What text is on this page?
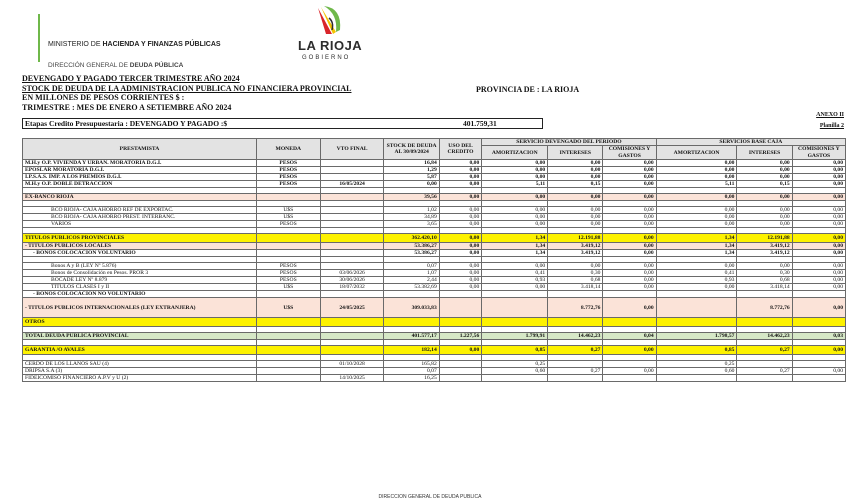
MINISTERIO DE HACIENDA Y FINANZAS PÚBLICAS
DIRECCIÓN GENERAL DE DEUDA PÚBLICA
LA RIOJA
GOBIERNO
DEVENGADO Y PAGADO TERCER TRIMESTRE AÑO 2024
STOCK DE DEUDA DE LA ADMINISTRACION PUBLICA NO FINANCIERA PROVINCIAL
EN MILLONES DE PESOS CORRIENTES $ :
TRIMESTRE : MES DE ENERO A SETIEMBRE AÑO 2024
PROVINCIA DE : LA RIOJA
ANEXO II
Planilla 2
Etapas Credito Presupuestaria : DEVENGADO Y PAGADO :$	401.759,31
PRESTAMISTA	MONEDA	VTO FINAL	STOCK DE DEUDA AL 30/09/2024	USO DEL CREDITO	SERVICIO DEVENGADO DEL PERIODO			SERVICIOS BASE CAJA		
					AMORTIZACION	INTERESES	COMISIONES Y GASTOS	AMORTIZACION	INTERESES	COMISIONES Y GASTOS
M.H.y O.P. VIVIENDA Y URBAN. MORATORIA D.G.I.	PESOS		16,84	0,00	0,00	0,00	0,00	0,00	0,00	0,00
EPOSLAR MORATORIA D.G.I.	PESOS		1,29	0,00	0,00	0,00	0,00	0,00	0,00	0,00
I.P.S.A.S. IMP. A LOS PREMIOS D.G.I.	PESOS		5,87	0,00	0,00	0,00	0,00	0,00	0,00	0,00
M.H.y O.P. DOBLE DETRACCIÓN	PESOS	16/05/2024	0,00	0,00	5,11	0,15	0,00	5,11	0,15	0,00

EX-BANCO RIOJA			39,56	0,00	0,00	0,00	0,00	0,00	0,00	0,00

BCO RIOJA- CAJA AHORRO REF DE EXPORTAC.	U$S		1,02	0,00	0,00	0,00	0,00	0,00	0,00	0,00
BCO RIOJA- CAJA AHORRO PREST. INTERBANC.	U$S		34,89	0,00	0,00	0,00	0,00	0,00	0,00	0,00
VARIOS	PESOS		3,65	0,00	0,00	0,00	0,00	0,00	0,00	0,00

TITULOS PUBLICOS PROVINCIALES			362.420,10	0,00	1,34	12.191,88	0,00	1,34	12.191,88	0,00
- TITULOS PUBLICOS LOCALES			53.386,27	0,00	1,34	3.419,12	0,00	1,34	3.419,12	0,00
- BONOS COLOCACION VOLUNTARIO			53.386,27	0,00	1,34	3.419,12	0,00	1,34	3.419,12	0,00

Bonos A y B (LEY Nº 5.876)	PESOS		0,07	0,00	0,00	0,00	0,00	0,00	0,00	0,00
Bonos de Consolidación en Pesos. PROR 3	PESOS	03/06/2026	1,07	0,00	0,41	0,30	0,00	0,41	0,30	0,00
BOCADE LEY Nº 8.879	PESOS	30/06/2026	2,44	0,00	0,93	0,68	0,00	0,93	0,68	0,00
TITULOS CLASES I y II	U$S	18/07/2032	53.382,69	0,00	0,00	3.418,14	0,00	0,00	3.418,14	0,00
- BONOS COLOCACION NO VOLUNTARIO										
- TITULOS PUBLICOS INTERNACIONALES (LEY EXTRANJERA)	U$S	24/05/2025	309.033,83			8.772,76	0,00		8.772,76	0,00
OTROS										

TOTAL DEUDA PUBLICA PROVINCIAL			401.577,17	1.227,56	1.799,91	14.462,23	0,04	1.798,57	14.462,23	0,03

GARANTIA /O AVALES			182,14	0,00	0,85	0,27	0,00	0,85	0,27	0,00

CERDO DE LOS LLANOS SAU (4)		01/10/2028	165,82		0,25			0,25		
DRIPSA S.A (3)			0,07		0,60	0,27	0,00	0,60	0,27	0,00
FIDEICOMISO FINANCIERO A.P.V y U (2)		14/10/2025	16,25							
DIRECCION GENERAL DE DEUDA PUBLICA
